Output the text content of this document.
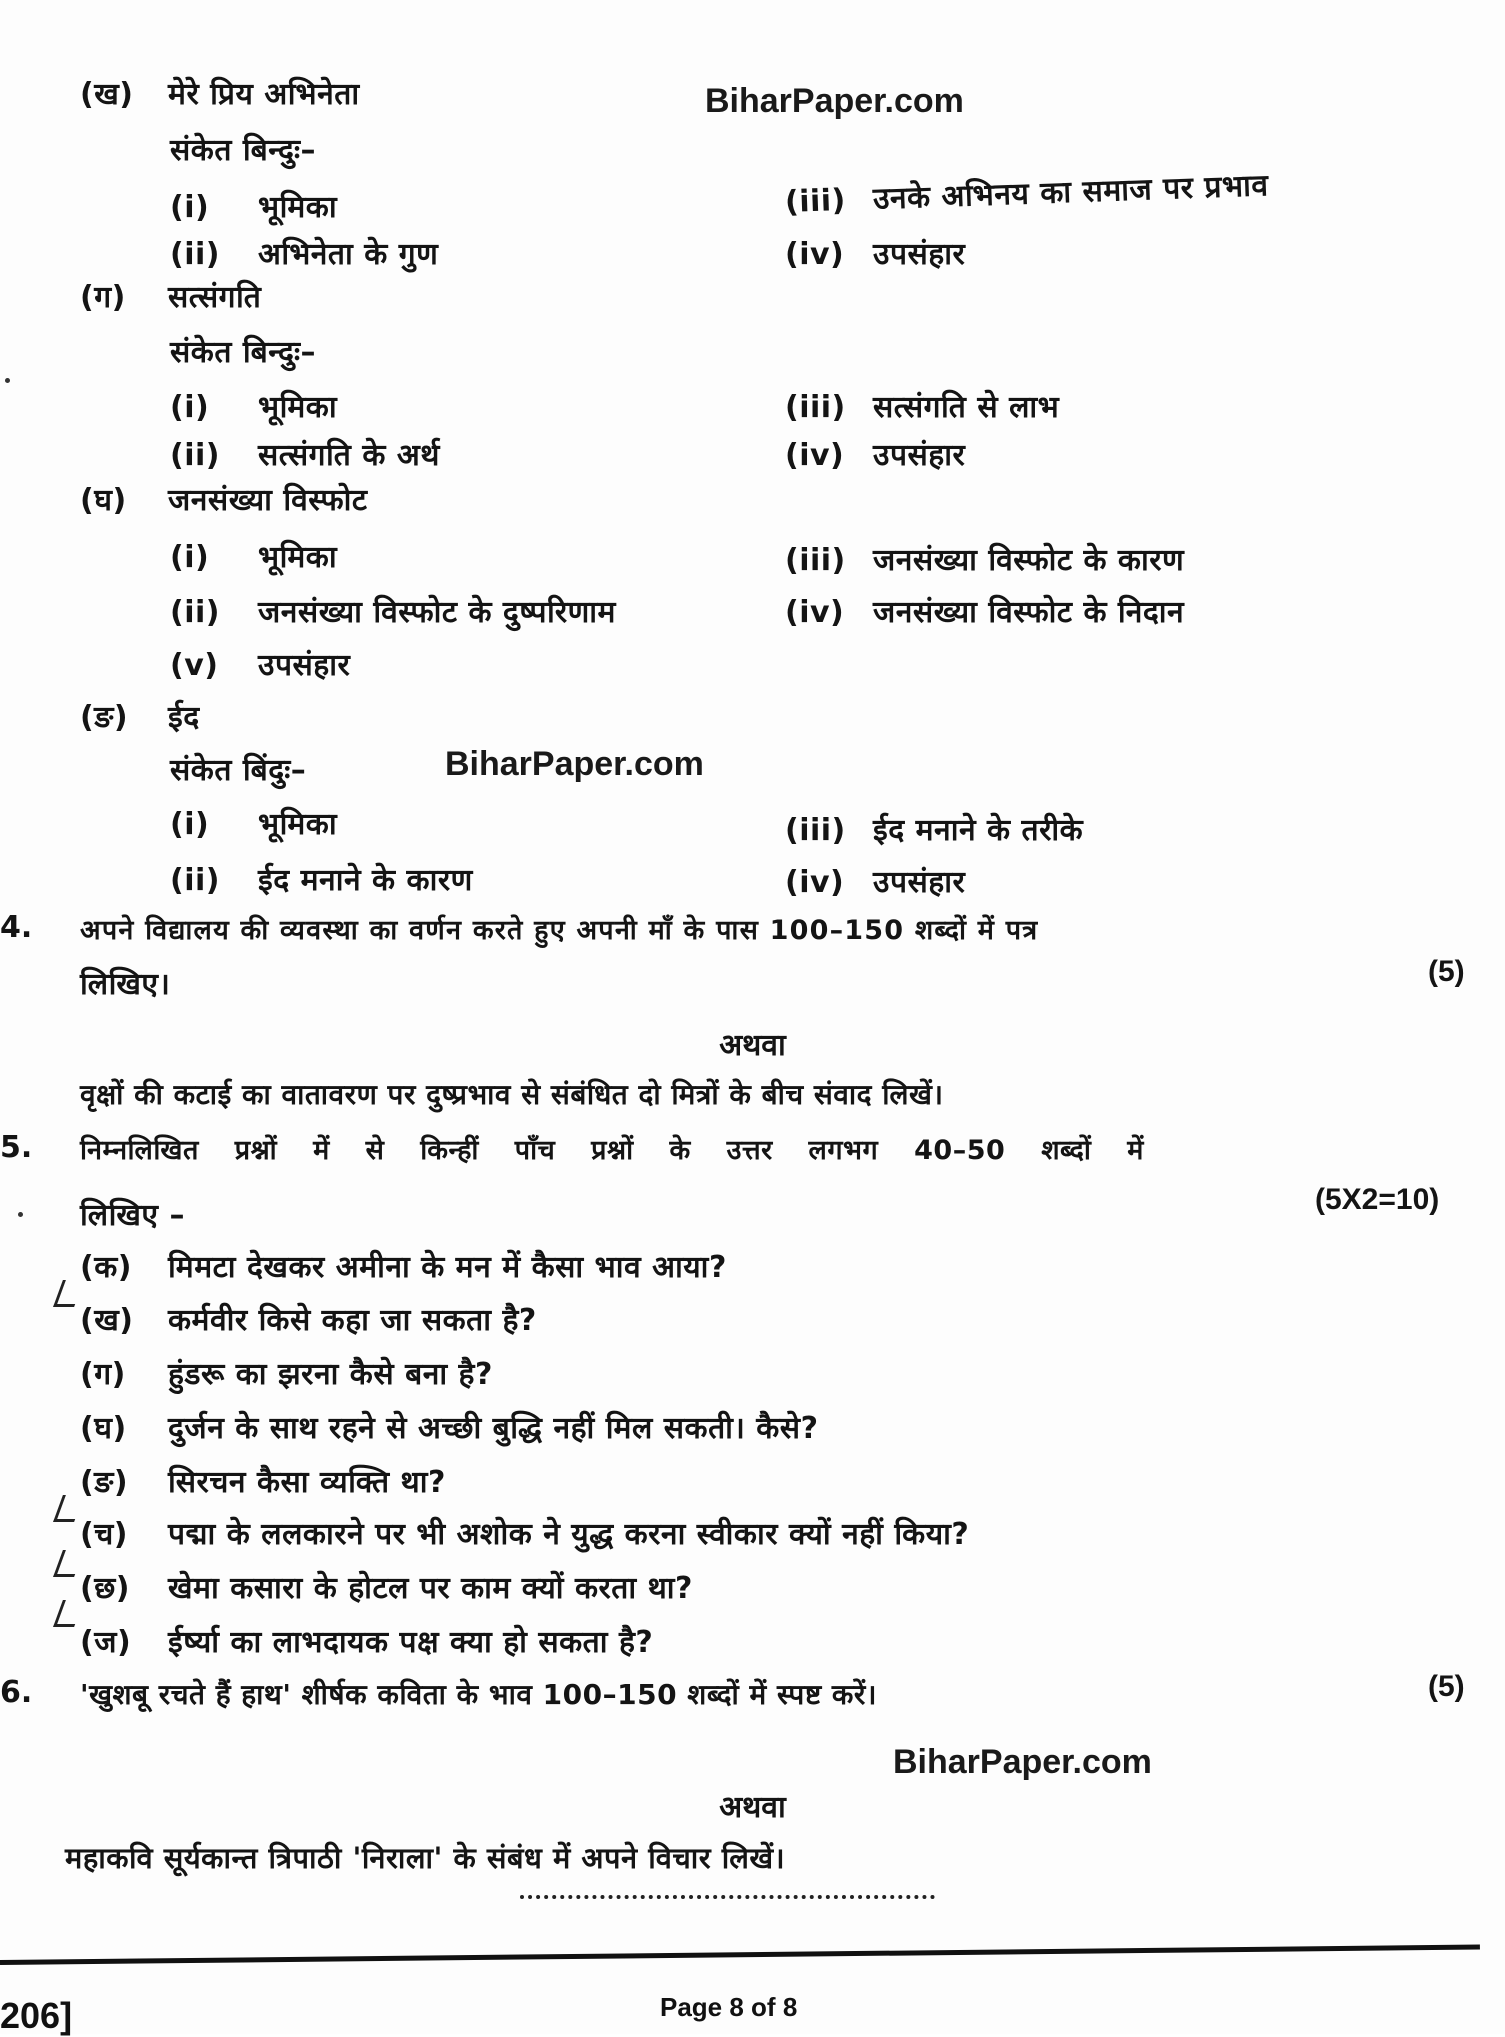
BiharPaper.com
BiharPaper.com
BiharPaper.com
(ख) मेरे प्रिय अभिनेता
संकेत बिन्दुः–
(i) भूमिका
(ii) अभिनेता के गुण
(iii) उनके अभिनय का समाज पर प्रभाव
(iv) उपसंहार
(ग) सत्संगति
संकेत बिन्दुः–
(i) भूमिका
(ii) सत्संगति के अर्थ
(iii) सत्संगति से लाभ
(iv) उपसंहार
(घ) जनसंख्या विस्फोट
(i) भूमिका
(ii) जनसंख्या विस्फोट के दुष्परिणाम
(iii) जनसंख्या विस्फोट के कारण
(iv) जनसंख्या विस्फोट के निदान
(v) उपसंहार
(ङ) ईद
संकेत बिंदुः–
(i) भूमिका
(ii) ईद मनाने के कारण
(iii) ईद मनाने के तरीके
(iv) उपसंहार
4. अपने विद्यालय की व्यवस्था का वर्णन करते हुए अपनी माँ के पास 100–150 शब्दों में पत्र
लिखिए।	(5)
अथवा
वृक्षों की कटाई का वातावरण पर दुष्प्रभाव से संबंधित दो मित्रों के बीच संवाद लिखें।
5. निम्नलिखित प्रश्नों में से किन्हीं पाँच प्रश्नों के उत्तर लगभग 40–50 शब्दों में
लिखिए –	(5X2=10)
(क) मिमटा देखकर अमीना के मन में कैसा भाव आया?
(ख) कर्मवीर किसे कहा जा सकता है?
(ग) हुंडरू का झरना कैसे बना है?
(घ) दुर्जन के साथ रहने से अच्छी बुद्धि नहीं मिल सकती। कैसे?
(ङ) सिरचन कैसा व्यक्ति था?
(च) पद्मा के ललकारने पर भी अशोक ने युद्ध करना स्वीकार क्यों नहीं किया?
(छ) खेमा कसारा के होटल पर काम क्यों करता था?
(ज) ईर्ष्या का लाभदायक पक्ष क्या हो सकता है?
6. 'खुशबू रचते हैं हाथ' शीर्षक कविता के भाव 100–150 शब्दों में स्पष्ट करें।	(5)
अथवा
महाकवि सूर्यकान्त त्रिपाठी 'निराला' के संबंध में अपने विचार लिखें।
206]	Page 8 of 8
